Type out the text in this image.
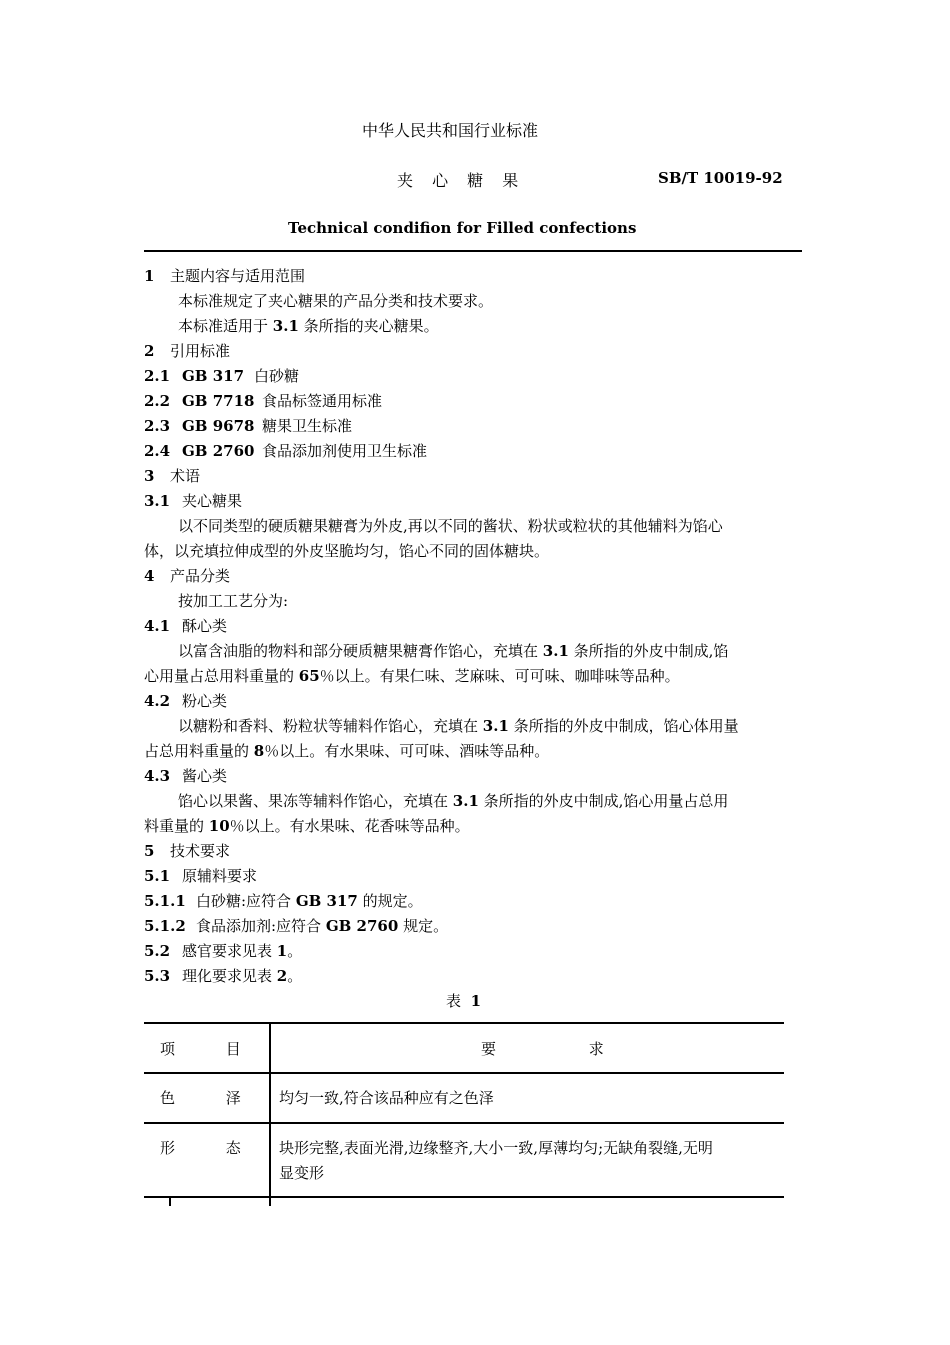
中华人民共和国行业标准
夹 心 糖 果	SB/T 10019-92
Technical condifion for Filled confections
1 主题内容与适用范围
本标准规定了夹心糖果的产品分类和技术要求。
本标准适用于 3.1 条所指的夹心糖果。
2 引用标准
2.1 GB 317 白砂糖
2.2 GB 7718 食品标签通用标准
2.3 GB 9678 糖果卫生标准
2.4 GB 2760 食品添加剂使用卫生标准
3 术语
3.1 夹心糖果
以不同类型的硬质糖果糖膏为外皮,再以不同的酱状、粉状或粒状的其他辅料为馅心
体，以充填拉伸成型的外皮坚脆均匀，馅心不同的固体糖块。
4 产品分类
按加工工艺分为:
4.1 酥心类
以富含油脂的物料和部分硬质糖果糖膏作馅心，充填在 3.1 条所指的外皮中制成,馅
心用量占总用料重量的 65％以上。有果仁味、芝麻味、可可味、咖啡味等品种。
4.2 粉心类
以糖粉和香料、粉粒状等辅料作馅心，充填在 3.1 条所指的外皮中制成，馅心体用量
占总用料重量的 8％以上。有水果味、可可味、酒味等品种。
4.3 酱心类
馅心以果酱、果冻等辅料作馅心，充填在 3.1 条所指的外皮中制成,馅心用量占总用
料重量的 10％以上。有水果味、花香味等品种。
5 技术要求
5.1 原辅料要求
5.1.1 白砂糖:应符合 GB 317 的规定。
5.1.2 食品添加剂:应符合 GB 2760 规定。
5.2 感官要求见表 1。
5.3 理化要求见表 2。
表 1
项 目	要 求
色 泽	均匀一致,符合该品种应有之色泽
形 态	块形完整,表面光滑,边缘整齐,大小一致,厚薄均匀;无缺角裂缝,无明
显变形
